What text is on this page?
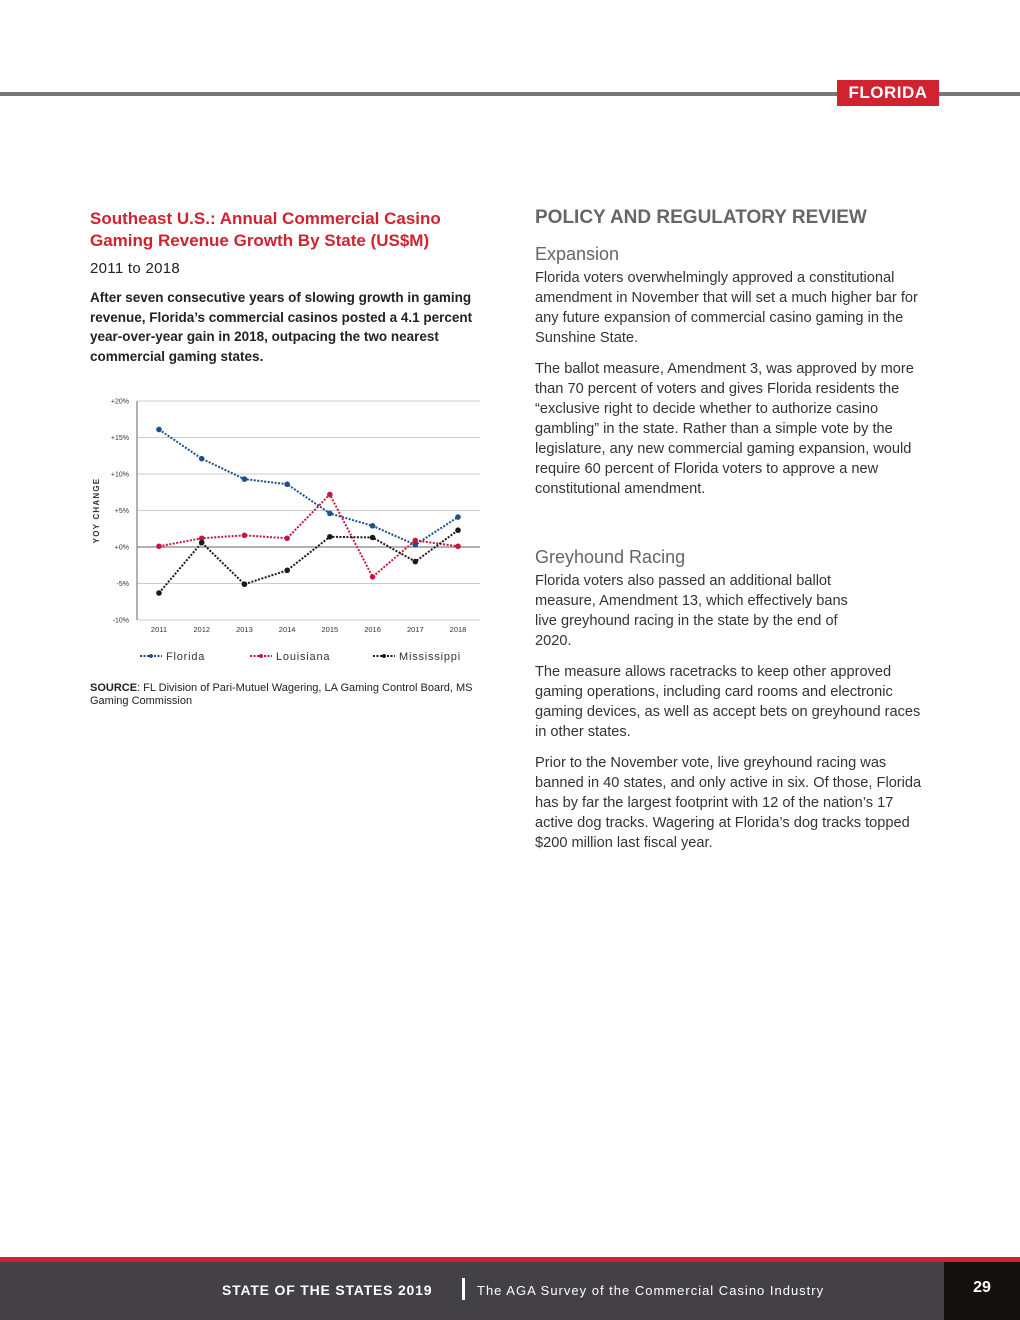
FLORIDA
Southeast U.S.: Annual Commercial Casino Gaming Revenue Growth By State (US$M)
2011 to 2018
After seven consecutive years of slowing growth in gaming revenue, Florida’s commercial casinos posted a 4.1 percent year-over-year gain in 2018, outpacing the two nearest commercial gaming states.
+20%
+15%
+10%
+5%
+0%
-5%
-10%
2011	2012	2013	2014	2015	2016	2017	2018
YOY CHANGE
Florida	Louisiana	Mississippi
SOURCE: FL Division of Pari-Mutuel Wagering, LA Gaming Control Board, MS Gaming Commission
POLICY AND REGULATORY REVIEW
Expansion

Florida voters overwhelmingly approved a constitutional amendment in November that will set a much higher bar for any future expansion of commercial casino gaming in the Sunshine State.

The ballot measure, Amendment 3, was approved by more than 70 percent of voters and gives Florida residents the “exclusive right to decide whether to authorize casino gambling” in the state. Rather than a simple vote by the legislature, any new commercial gaming expansion, would require 60 percent of Florida voters to approve a new constitutional amendment.

Greyhound Racing

Florida voters also passed an additional ballot measure, Amendment 13, which effectively bans live greyhound racing in the state by the end of 2020.

The measure allows racetracks to keep other approved gaming operations, including card rooms and electronic gaming devices, as well as accept bets on greyhound races in other states.

Prior to the November vote, live greyhound racing was banned in 40 states, and only active in six. Of those, Florida has by far the largest footprint with 12 of the nation’s 17 active dog tracks. Wagering at Florida’s dog tracks topped $200 million last fiscal year.

STATE OF THE STATES 2019	The AGA Survey of the Commercial Casino Industry	29
